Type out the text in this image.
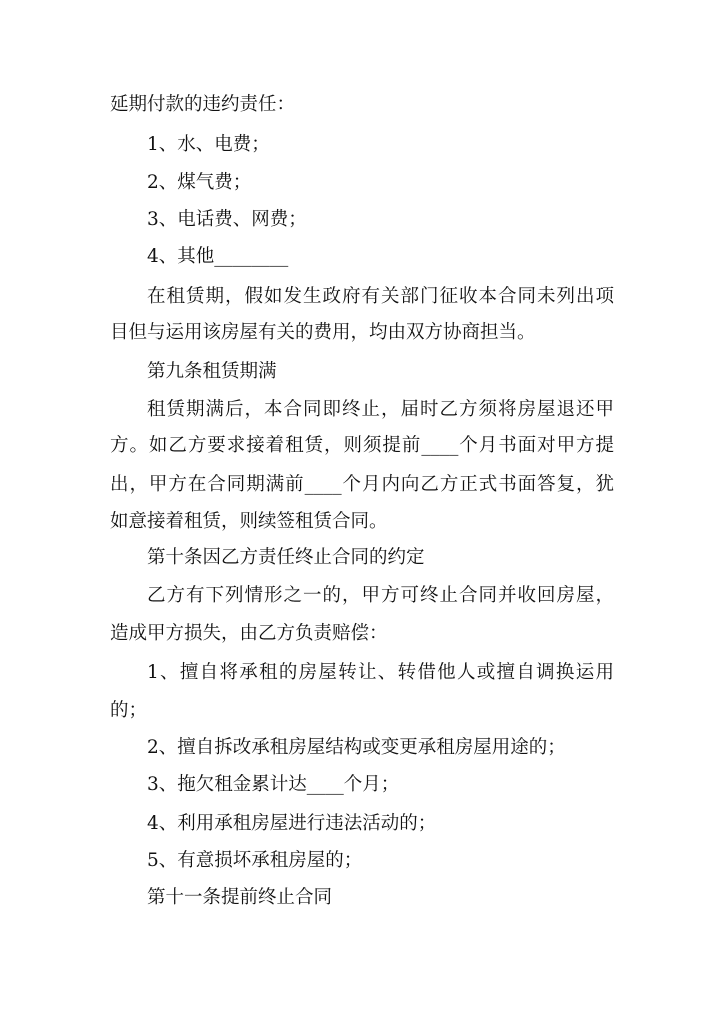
延期付款的违约责任：
1、水、电费；
2、煤气费；
3、电话费、网费；
4、其他________
在租赁期，假如发生政府有关部门征收本合同未列出项
目但与运用该房屋有关的费用，均由双方协商担当。
第九条租赁期满
租赁期满后，本合同即终止，届时乙方须将房屋退还甲
方。如乙方要求接着租赁，则须提前____个月书面对甲方提
出，甲方在合同期满前____个月内向乙方正式书面答复，犹
如意接着租赁，则续签租赁合同。
第十条因乙方责任终止合同的约定
乙方有下列情形之一的，甲方可终止合同并收回房屋，
造成甲方损失，由乙方负责赔偿：
1、擅自将承租的房屋转让、转借他人或擅自调换运用
的；
2、擅自拆改承租房屋结构或变更承租房屋用途的；
3、拖欠租金累计达____个月；
4、利用承租房屋进行违法活动的；
5、有意损坏承租房屋的；
第十一条提前终止合同
